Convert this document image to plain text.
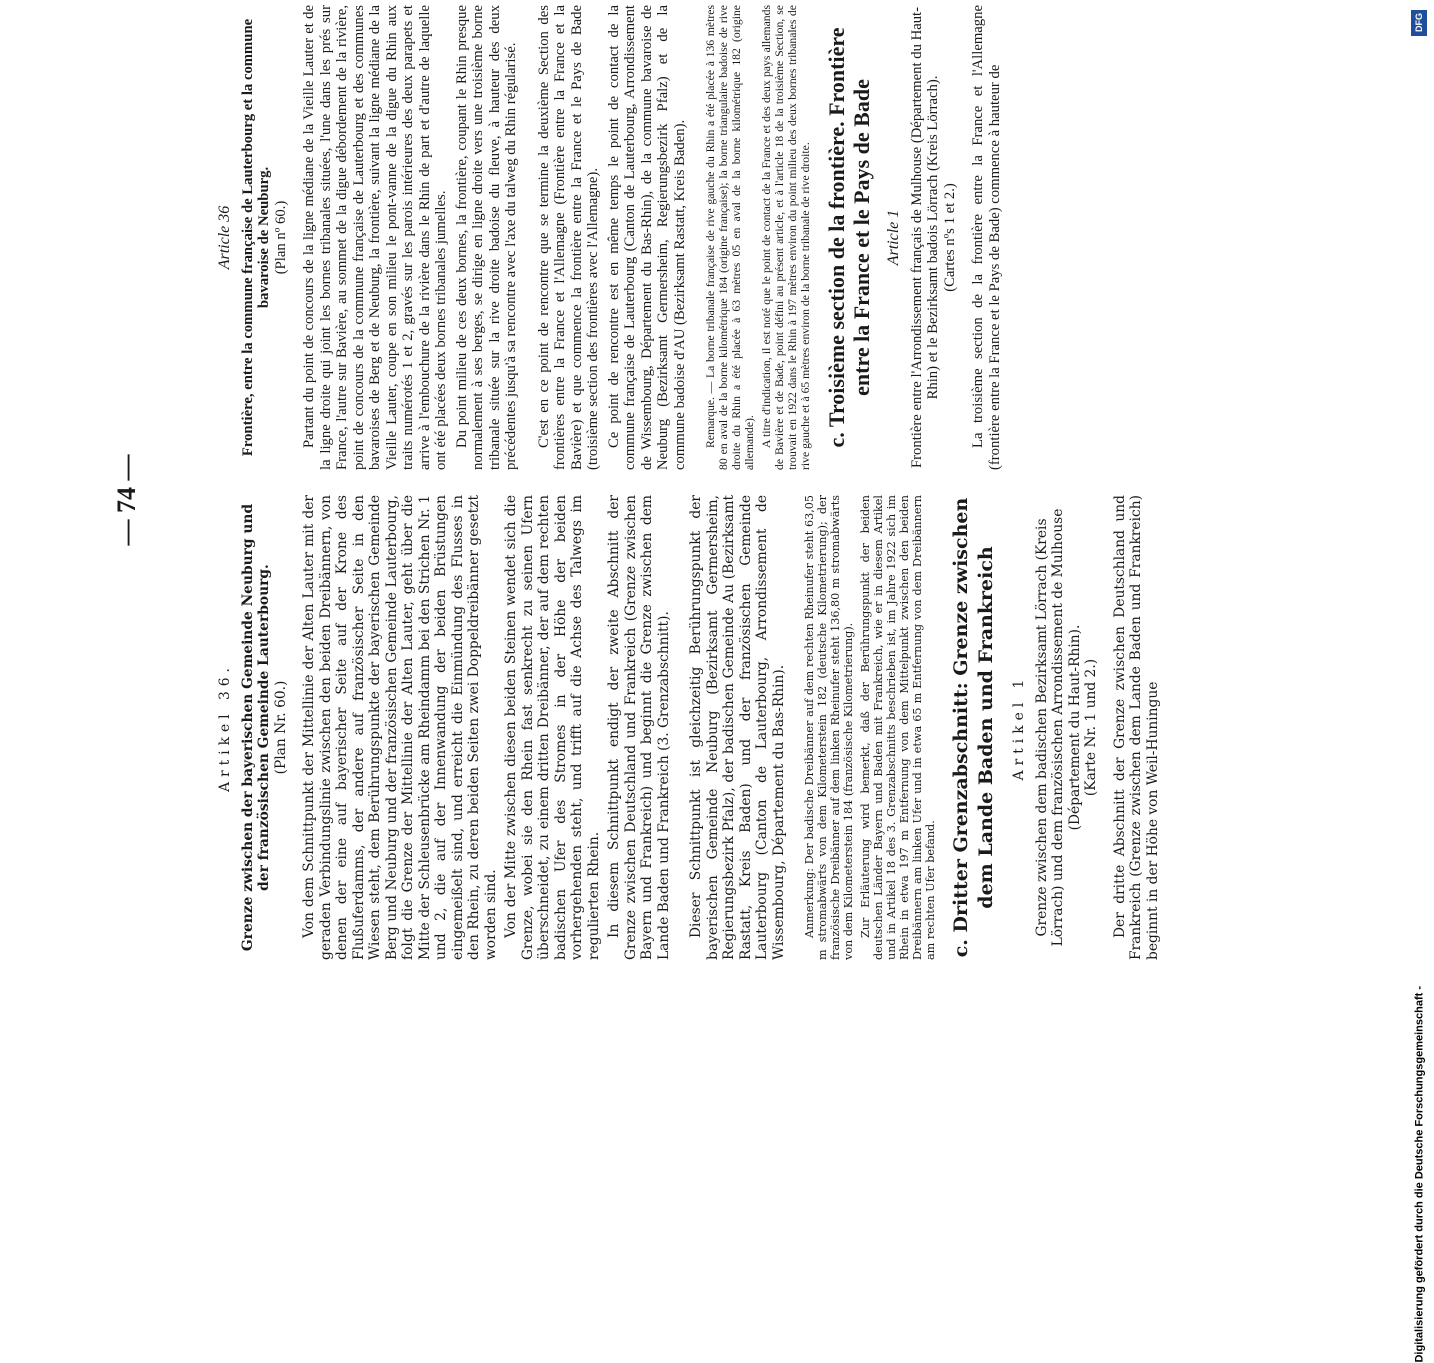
— 74 —
Artikel 36. Grenze zwischen der bayerischen Gemeinde Neuburg und der französischen Gemeinde Lauterbourg. (Plan Nr. 60.) Von dem Schnittpunkt der Mittellinie der Alten Lauter mit der geraden Verbindungslinie zwischen den beiden Dreibännern, von denen der eine auf bayerischer Seite auf der Krone des Flußuferdamms, der andere auf französischer Seite in den Wiesen steht, dem Berührungspunkte der bayerischen Gemeinde Berg und Neuburg und der französischen Gemeinde Lauterbourg, folgt die Grenze der Mittellinie der Alten Lauter, geht über die Mitte der Schleusenbrücke am Rheindamm bei den Strichen Nr. 1 und 2, die auf der Innenwandung der beiden Brüstungen eingemeißelt sind, und erreicht die Einmündung des Flusses in den Rhein, zu deren beiden Seiten zwei Doppeldreibänner gesetzt worden sind. Von der Mitte zwischen diesen beiden Steinen wendet sich die Grenze, wobei sie den Rhein fast senkrecht zu seinen Ufern überschneidet, zu einem dritten Dreibänner, der auf dem rechten badischen Ufer des Stromes in der Höhe der beiden vorhergehenden steht, und trifft auf die Achse des Talwegs im regulierten Rhein. In diesem Schnittpunkt endigt der zweite Abschnitt der Grenze zwischen Deutschland und Frankreich (Grenze zwischen Bayern und Frankreich) und beginnt die Grenze zwischen dem Lande Baden und Frankreich (3. Grenzabschnitt). Dieser Schnittpunkt ist gleichzeitig Berührungspunkt der bayerischen Gemeinde Neuburg (Bezirksamt Germersheim, Regierungsbezirk Pfalz), der badischen Gemeinde Au (Bezirksamt Rastatt, Kreis Baden) und der französischen Gemeinde Lauterbourg (Canton de Lauterbourg, Arrondissement de Wissembourg, Département du Bas-Rhin). Anmerkung: Der badische Dreibänner auf dem rechten Rheinufer steht 63,05 m stromabwärts von dem Kilometerstein 182 (deutsche Kilometrierung); der französische Dreibänner auf dem linken Rheinufer steht 136,80 m stromabwärts von dem Kilometerstein 184 (französische Kilometrierung). Zur Erläuterung wird bemerkt, daß der Berührungspunkt der beiden deutschen Länder Bayern und Baden mit Frankreich, wie er in diesem Artikel und in Artikel 18 des 3. Grenzabschnitts beschrieben ist, im Jahre 1922 sich im Rhein in etwa 197 m Entfernung von dem Mittelpunkt zwischen den beiden Dreibännern am linken Ufer und in etwa 65 m Entfernung von dem Dreibännern am rechten Ufer befand. c. Dritter Grenzabschnitt: Grenze zwischen dem Lande Baden und Frankreich Artikel 1 Grenze zwischen dem badischen Bezirksamt Lörrach (Kreis Lörrach) und dem französischen Arrondissement de Mulhouse (Département du Haut-Rhin). (Karte Nr. 1 und 2.) Der dritte Abschnitt der Grenze zwischen Deutschland und Frankreich (Grenze zwischen dem Lande Baden und Frankreich) beginnt in der Höhe von Weil-Huningue

Article 36 Frontière, entre la commune française de Lauterbourg et la commune bavaroise de Neuburg. (Plan nº 60.) Partant du point de concours de la ligne médiane de la Vieille Lauter et de la ligne droite qui joint les bornes tribanales situées, l'une dans les prés sur France, l'autre sur Bavière, au sommet de la digue débordement de la rivière, point de concours de la commune française de Lauterbourg et des communes bavaroises de Berg et de Neuburg, la frontière, suivant la ligne médiane de la Vieille Lauter, coupe en son milieu le pont-vanne de la digue du Rhin aux traits numérotés 1 et 2, gravés sur les parois intérieures des deux parapets et arrive à l'embouchure de la rivière dans le Rhin de part et d'autre de laquelle ont été placées deux bornes tribanales jumelles. Du point milieu de ces deux bornes, la frontière, coupant le Rhin presque normalement à ses berges, se dirige en ligne droite vers une troisième borne tribanale située sur la rive droite badoise du fleuve, à hauteur des deux précédentes jusqu'à sa rencontre avec l'axe du talweg du Rhin régularisé. C'est en ce point de rencontre que se termine la deuxième Section des frontières entre la France et l'Allemagne (Frontière entre la France et la Bavière) et que commence la frontière entre la France et le Pays de Bade (troisième section des frontières avec l'Allemagne). Ce point de rencontre est en même temps le point de contact de la commune française de Lauterbourg (Canton de Lauterbourg, Arrondissement de Wissembourg, Département du Bas-Rhin), de la commune bavaroise de Neuburg (Bezirksamt Germersheim, Regierungsbezirk Pfalz) et de la commune badoise d'AU (Bezirksamt Rastatt, Kreis Baden). Remarque. — La borne tribanale française de rive gauche du Rhin a été placée à 136 mètres 80 en aval de la borne kilométrique 184 (origine française); la borne triangulaire badoise de rive droite du Rhin a été placée à 63 mètres 05 en aval de la borne kilométrique 182 (origine allemande). A titre d'indication, il est noté que le point de contact de la France et des deux pays allemands de Bavière et de Bade, point défini au présent article, et à l'article 18 de la troisième Section, se trouvait en 1922 dans le Rhin à 197 mètres environ du point milieu des deux bornes tribanales de rive gauche et à 65 mètres environ de la borne tribanale de rive droite. c. Troisième section de la frontière. Frontière entre la France et le Pays de Bade Article 1 Frontière entre l'Arrondissement français de Mulhouse (Département du Haut-Rhin) et le Bezirksamt badois Lörrach (Kreis Lörrach). (Cartes nºs 1 et 2.) La troisième section de la frontière entre la France et l'Allemagne (frontière entre la France et le Pays de Bade) commence à hauteur de

DFG
Digitalisierung gefördert durch die Deutsche Forschungsgemeinschaft -
